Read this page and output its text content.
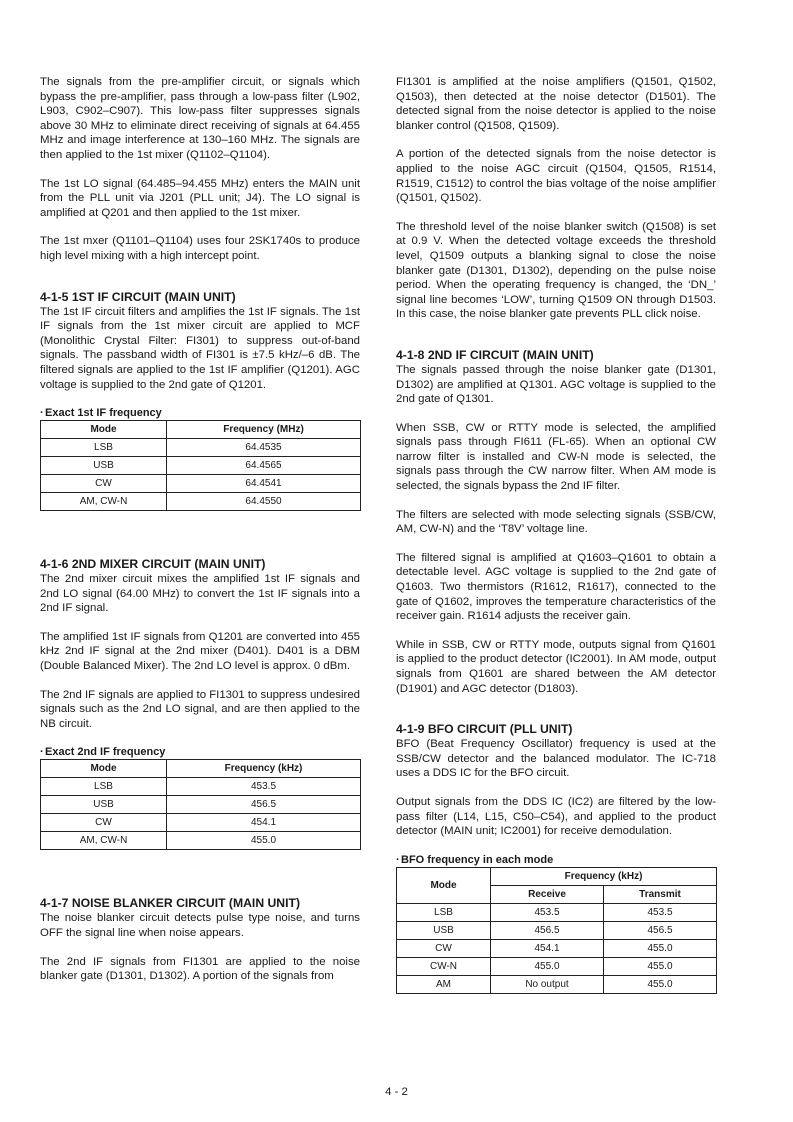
The signals from the pre-amplifier circuit, or signals which bypass the pre-amplifier, pass through a low-pass filter (L902, L903, C902–C907). This low-pass filter suppresses signals above 30 MHz to eliminate direct receiving of signals at 64.455 MHz and image interference at 130–160 MHz. The signals are then applied to the 1st mixer (Q1102–Q1104).

The 1st LO signal (64.485–94.455 MHz) enters the MAIN unit from the PLL unit via J201 (PLL unit; J4). The LO signal is amplified at Q201 and then applied to the 1st mixer.

The 1st mxer (Q1101–Q1104) uses four 2SK1740s to produce high level mixing with a high intercept point.

4-1-5 1ST IF CIRCUIT (MAIN UNIT)

The 1st IF circuit filters and amplifies the 1st IF signals. The 1st IF signals from the 1st mixer circuit are applied to MCF (Monolithic Crystal Filter: FI301) to suppress out-of-band signals. The passband width of FI301 is ±7.5 kHz/–6 dB. The filtered signals are applied to the 1st IF amplifier (Q1201). AGC voltage is supplied to the 2nd gate of Q1201.

·Exact 1st IF frequency
Mode	Frequency (MHz)
LSB	64.4535
USB	64.4565
CW	64.4541
AM, CW-N	64.4550
4-1-6 2ND MIXER CIRCUIT (MAIN UNIT)

The 2nd mixer circuit mixes the amplified 1st IF signals and 2nd LO signal (64.00 MHz) to convert the 1st IF signals into a 2nd IF signal.

The amplified 1st IF signals from Q1201 are converted into 455 kHz 2nd IF signal at the 2nd mixer (D401). D401 is a DBM (Double Balanced Mixer). The 2nd LO level is approx. 0 dBm.

The 2nd IF signals are applied to FI1301 to suppress undesired signals such as the 2nd LO signal, and are then applied to the NB circuit.

·Exact 2nd IF frequency
Mode	Frequency (kHz)
LSB	453.5
USB	456.5
CW	454.1
AM, CW-N	455.0
4-1-7 NOISE BLANKER CIRCUIT (MAIN UNIT)

The noise blanker circuit detects pulse type noise, and turns OFF the signal line when noise appears.

The 2nd IF signals from FI1301 are applied to the noise blanker gate (D1301, D1302). A portion of the signals from

FI1301 is amplified at the noise amplifiers (Q1501, Q1502, Q1503), then detected at the noise detector (D1501). The detected signal from the noise detector is applied to the noise blanker control (Q1508, Q1509).

A portion of the detected signals from the noise detector is applied to the noise AGC circuit (Q1504, Q1505, R1514, R1519, C1512) to control the bias voltage of the noise amplifier (Q1501, Q1502).

The threshold level of the noise blanker switch (Q1508) is set at 0.9 V. When the detected voltage exceeds the threshold level, Q1509 outputs a blanking signal to close the noise blanker gate (D1301, D1302), depending on the pulse noise period. When the operating frequency is changed, the ‘DN_’ signal line becomes ‘LOW’, turning Q1509 ON through D1503. In this case, the noise blanker gate prevents PLL click noise.

4-1-8 2ND IF CIRCUIT (MAIN UNIT)

The signals passed through the noise blanker gate (D1301, D1302) are amplified at Q1301. AGC voltage is supplied to the 2nd gate of Q1301.

When SSB, CW or RTTY mode is selected, the amplified signals pass through FI611 (FL-65). When an optional CW narrow filter is installed and CW-N mode is selected, the signals pass through the CW narrow filter. When AM mode is selected, the signals bypass the 2nd IF filter.

The filters are selected with mode selecting signals (SSB/CW, AM, CW-N) and the ‘T8V’ voltage line.

The filtered signal is amplified at Q1603–Q1601 to obtain a detectable level. AGC voltage is supplied to the 2nd gate of Q1603. Two thermistors (R1612, R1617), connected to the gate of Q1602, improves the temperature characteristics of the receiver gain. R1614 adjusts the receiver gain.

While in SSB, CW or RTTY mode, outputs signal from Q1601 is applied to the product detector (IC2001). In AM mode, output signals from Q1601 are shared between the AM detector (D1901) and AGC detector (D1803).

4-1-9 BFO CIRCUIT (PLL UNIT)

BFO (Beat Frequency Oscillator) frequency is used at the SSB/CW detector and the balanced modulator. The IC-718 uses a DDS IC for the BFO circuit.

Output signals from the DDS IC (IC2) are filtered by the low-pass filter (L14, L15, C50–C54), and applied to the product detector (MAIN unit; IC2001) for receive demodulation.

·BFO frequency in each mode
Mode	Frequency (kHz)	
	Receive	Transmit
LSB	453.5	453.5
USB	456.5	456.5
CW	454.1	455.0
CW-N	455.0	455.0
AM	No output	455.0
4 - 2
